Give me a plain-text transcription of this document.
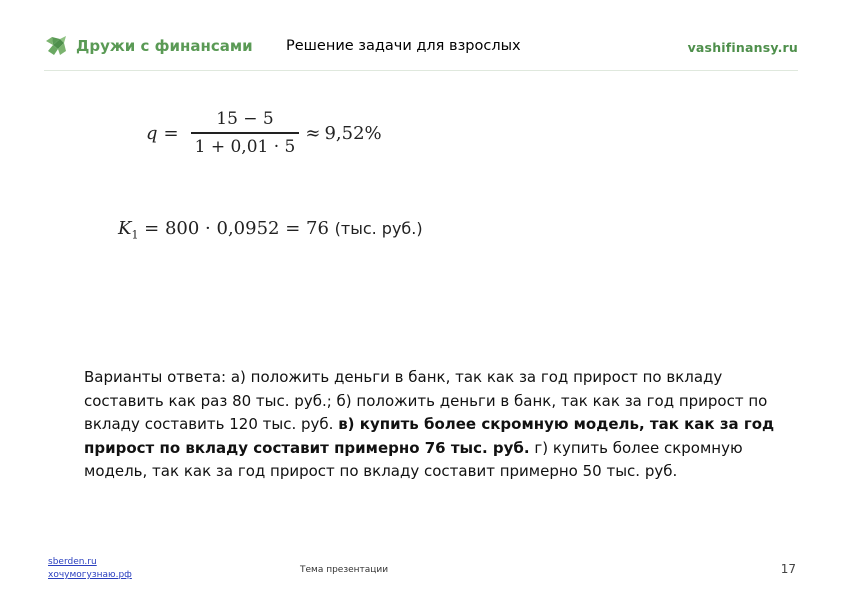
Дружи с финансами Решение задачи для взрослых	vashifinansy.ru
$q = \frac{15 - 5}{1 + 0,01 \cdot 5} \approx 9,52\%$
$K_1 = 800 \cdot 0,0952 = 76$ (тыс. руб.)
Варианты ответа: а) положить деньги в банк, так как за год прирост по вкладу составить как раз 80 тыс. руб.; б) положить деньги в банк, так как за год прирост по вкладу составить 120 тыс. руб. в) купить более скромную модель, так как за год прирост по вкладу составит примерно 76 тыс. руб. г) купить более скромную модель, так как за год прирост по вкладу составит примерно 50 тыс. руб.
sberden.ru
хочумогузнаю.рф	Тема презентации	17
